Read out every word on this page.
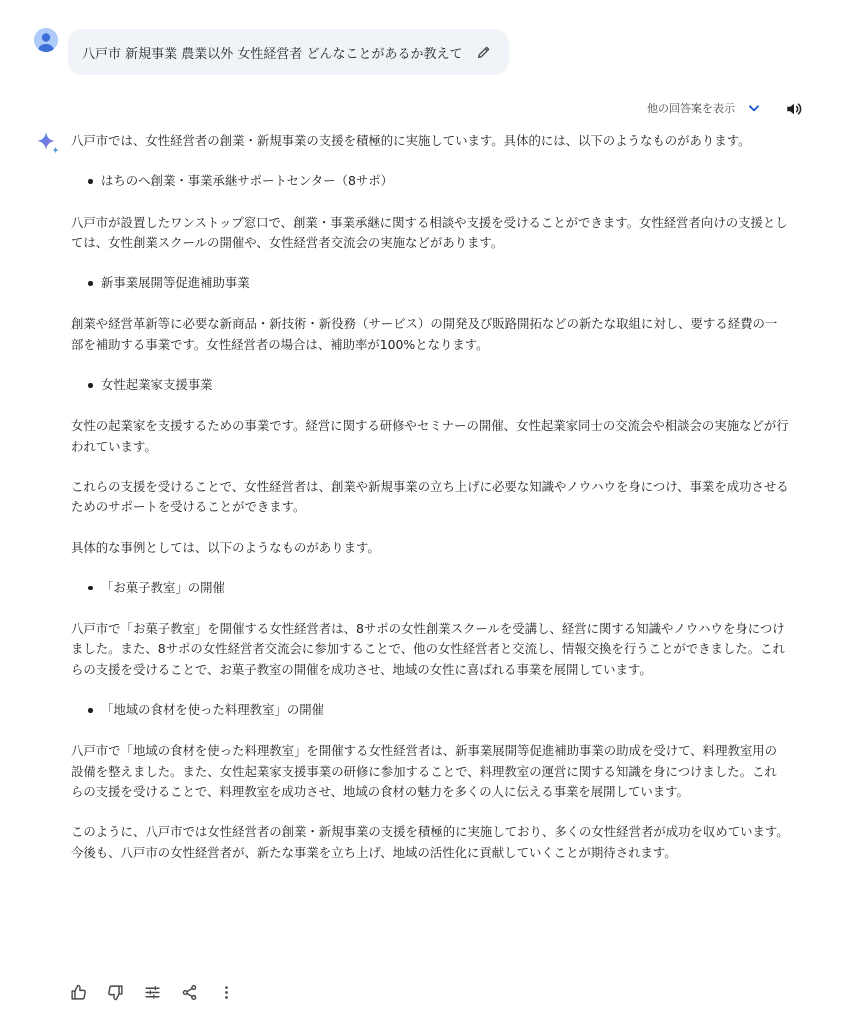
八戸市 新規事業 農業以外 女性経営者 どんなことがあるか教えて
他の回答案を表示

八戸市では、女性経営者の創業・新規事業の支援を積極的に実施しています。具体的には、以下のようなものがあります。

はちのへ創業・事業承継サポートセンター（8サポ）

八戸市が設置したワンストップ窓口で、創業・事業承継に関する相談や支援を受けることができます。女性経営者向けの支援としては、女性創業スクールの開催や、女性経営者交流会の実施などがあります。

新事業展開等促進補助事業

創業や経営革新等に必要な新商品・新技術・新役務（サービス）の開発及び販路開拓などの新たな取組に対し、要する経費の一部を補助する事業です。女性経営者の場合は、補助率が100%となります。

女性起業家支援事業

女性の起業家を支援するための事業です。経営に関する研修やセミナーの開催、女性起業家同士の交流会や相談会の実施などが行われています。

これらの支援を受けることで、女性経営者は、創業や新規事業の立ち上げに必要な知識やノウハウを身につけ、事業を成功させるためのサポートを受けることができます。

具体的な事例としては、以下のようなものがあります。

「お菓子教室」の開催

八戸市で「お菓子教室」を開催する女性経営者は、8サポの女性創業スクールを受講し、経営に関する知識やノウハウを身につけました。また、8サポの女性経営者交流会に参加することで、他の女性経営者と交流し、情報交換を行うことができました。これらの支援を受けることで、お菓子教室の開催を成功させ、地域の女性に喜ばれる事業を展開しています。

「地域の食材を使った料理教室」の開催

八戸市で「地域の食材を使った料理教室」を開催する女性経営者は、新事業展開等促進補助事業の助成を受けて、料理教室用の設備を整えました。また、女性起業家支援事業の研修に参加することで、料理教室の運営に関する知識を身につけました。これらの支援を受けることで、料理教室を成功させ、地域の食材の魅力を多くの人に伝える事業を展開しています。

このように、八戸市では女性経営者の創業・新規事業の支援を積極的に実施しており、多くの女性経営者が成功を収めています。今後も、八戸市の女性経営者が、新たな事業を立ち上げ、地域の活性化に貢献していくことが期待されます。
